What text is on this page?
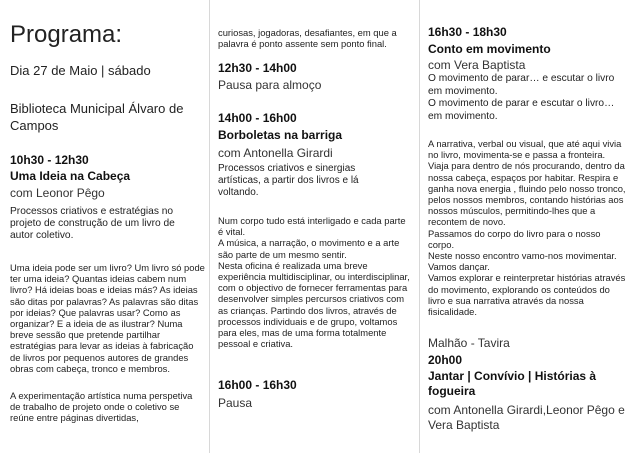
Programa:

Dia 27 de Maio | sábado

Biblioteca Municipal Álvaro de Campos

10h30 - 12h30

Uma Ideia na Cabeça

com Leonor Pêgo

Processos criativos e estratégias no projeto de construção de um livro de autor coletivo.

Uma ideia pode ser um livro? Um livro só pode ter uma ideia? Quantas ideias cabem num livro? Há ideias boas e ideias más? As ideias são ditas por palavras? As palavras são ditas por ideias? Que palavras usar? Como as organizar? E a ideia de as ilustrar? Numa breve sessão que pretende partilhar estratégias para levar as ideias à fabricação de livros por pequenos autores de grandes obras com cabeça, tronco e membros.

A experimentação artística numa perspetiva de trabalho de projeto onde o coletivo se reúne entre páginas divertidas,

curiosas, jogadoras, desafiantes, em que a palavra é ponto assente sem ponto final.

12h30 - 14h00

Pausa para almoço

14h00 - 16h00

Borboletas na barriga

com Antonella Girardi

Processos criativos e sinergias artísticas, a partir dos livros e lá voltando.

Num corpo tudo está interligado e cada parte é vital.
A música, a narração, o movimento e a arte são parte de um mesmo sentir.
Nesta oficina é realizada uma breve experiência multidisciplinar, ou interdisciplinar, com o objectivo de fornecer ferramentas para desenvolver simples percursos criativos com as crianças. Partindo dos livros, através de processos individuais e de grupo, voltamos para eles, mas de uma forma totalmente pessoal e criativa.

16h00 - 16h30

Pausa

16h30 - 18h30

Conto em movimento

com Vera Baptista

O movimento de parar… e escutar o livro em movimento.
O movimento de parar e escutar o livro…em movimento.

A narrativa, verbal ou visual, que até aqui vivia no livro, movimenta-se e passa a fronteira.
Viaja para dentro de nós procurando, dentro da nossa cabeça, espaços por habitar. Respira e ganha nova energia , fluindo pelo nosso tronco, pelos nossos membros, contando histórias aos nossos músculos, permitindo-lhes que a recontem de novo.
Passamos do corpo do livro para o nosso corpo.
Neste nosso encontro vamo-nos movimentar. Vamos dançar.
Vamos explorar e reinterpretar histórias através do movimento, explorando os conteúdos do livro e sua narrativa através da nossa fisicalidade.

Malhão - Tavira

20h00

Jantar | Convívio | Histórias à fogueira

com Antonella Girardi,Leonor Pêgo e Vera Baptista
